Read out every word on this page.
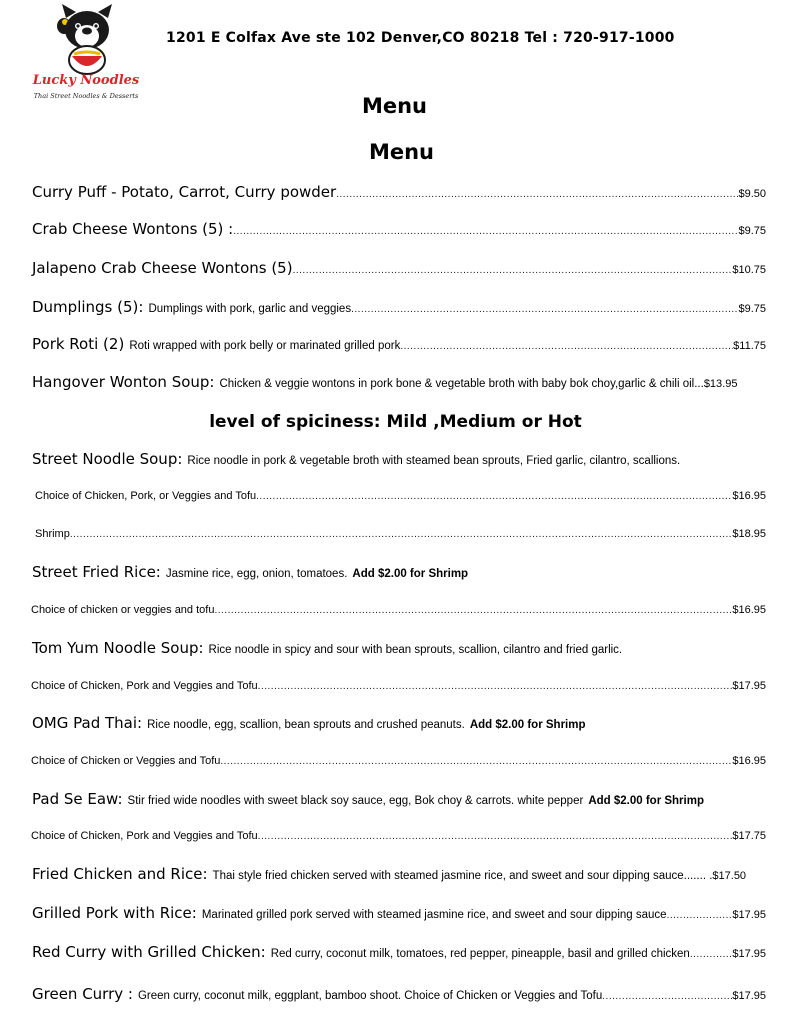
Lucky Noodles
Thai Street Noodles & Desserts
1201 E Colfax Ave ste 102 Denver,CO 80218 Tel : 720-917-1000
Menu
Menu
Curry Puff - Potato, Carrot, Curry powder .....	$9.50
Crab Cheese Wontons (5) : .....	$9.75
Jalapeno Crab Cheese Wontons (5) .....	$10.75
Dumplings (5): Dumplings with pork, garlic and veggies .....	$9.75
Pork Roti (2) Roti wrapped with pork belly or marinated grilled pork .....	$11.75
Hangover Wonton Soup: Chicken & veggie wontons in pork bone & vegetable broth with baby bok choy,garlic & chili oil... $13.95
level of spiciness: Mild ,Medium or Hot
Street Noodle Soup: Rice noodle in pork & vegetable broth with steamed bean sprouts, Fried garlic, cilantro, scallions.
Choice of Chicken, Pork, or Veggies and Tofu .....	$16.95
Shrimp .....	$18.95
Street Fried Rice: Jasmine rice, egg, onion, tomatoes. Add $2.00 for Shrimp
Choice of chicken or veggies and tofu .....	$16.95
Tom Yum Noodle Soup: Rice noodle in spicy and sour with bean sprouts, scallion, cilantro and fried garlic.
Choice of Chicken, Pork and Veggies and Tofu .....	$17.95
OMG Pad Thai: Rice noodle, egg, scallion, bean sprouts and crushed peanuts. Add $2.00 for Shrimp
Choice of Chicken or Veggies and Tofu .....	$16.95
Pad Se Eaw: Stir fried wide noodles with sweet black soy sauce, egg, Bok choy & carrots. white pepper Add $2.00 for Shrimp
Choice of Chicken, Pork and Veggies and Tofu .....	$17.75
Fried Chicken and Rice: Thai style fried chicken served with steamed jasmine rice, and sweet and sour dipping sauce....... . $17.50
Grilled Pork with Rice: Marinated grilled pork served with steamed jasmine rice, and sweet and sour dipping sauce .....	$17.95
Red Curry with Grilled Chicken: Red curry, coconut milk, tomatoes, red pepper, pineapple, basil and grilled chicken .....	$17.95
Green Curry : Green curry, coconut milk, eggplant, bamboo shoot. Choice of Chicken or Veggies and Tofu .....	$17.95
